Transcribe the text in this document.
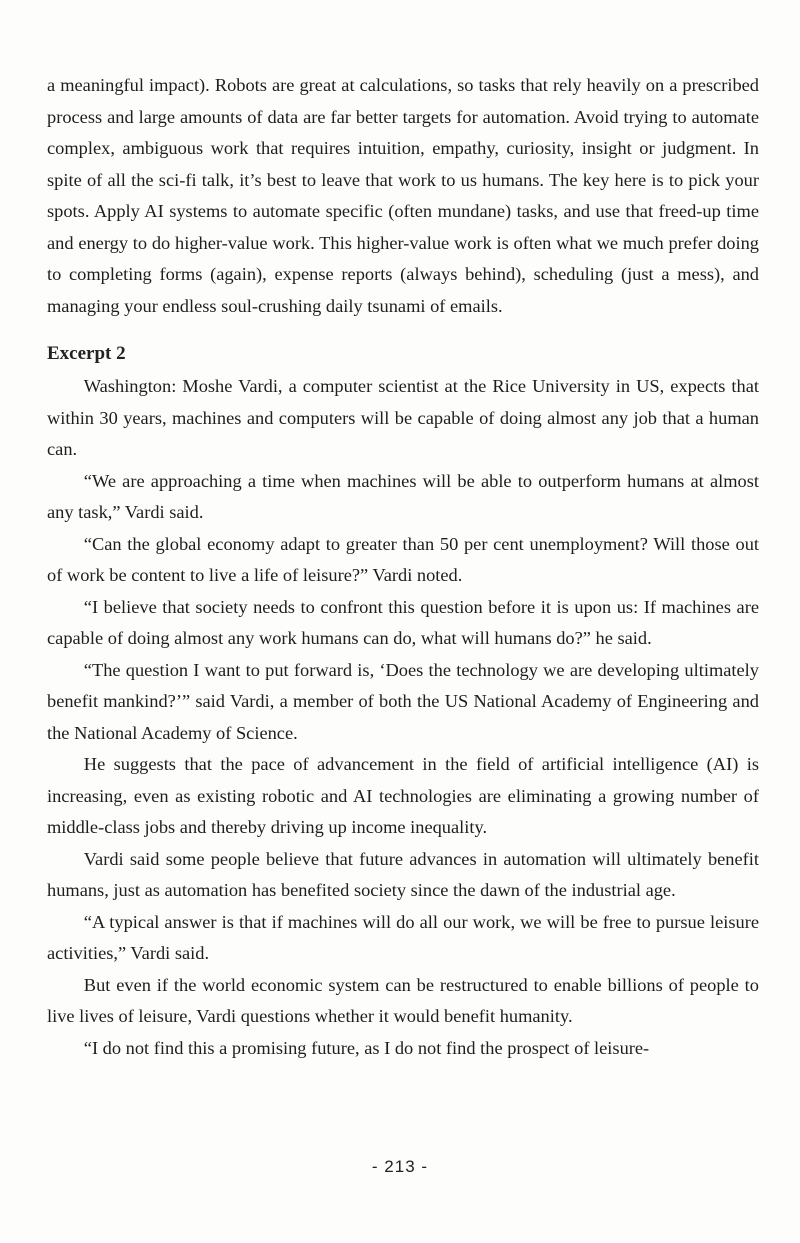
a meaningful impact). Robots are great at calculations, so tasks that rely heavily on a prescribed process and large amounts of data are far better targets for automation. Avoid trying to automate complex, ambiguous work that requires intuition, empathy, curiosity, insight or judgment. In spite of all the sci-fi talk, it’s best to leave that work to us humans. The key here is to pick your spots. Apply AI systems to automate specific (often mundane) tasks, and use that freed-up time and energy to do higher-value work. This higher-value work is often what we much prefer doing to completing forms (again), expense reports (always behind), scheduling (just a mess), and managing your endless soul-crushing daily tsunami of emails.

Excerpt 2

Washington: Moshe Vardi, a computer scientist at the Rice University in US, expects that within 30 years, machines and computers will be capable of doing almost any job that a human can.

“We are approaching a time when machines will be able to outperform humans at almost any task,” Vardi said.

“Can the global economy adapt to greater than 50 per cent unemployment? Will those out of work be content to live a life of leisure?” Vardi noted.

“I believe that society needs to confront this question before it is upon us: If machines are capable of doing almost any work humans can do, what will humans do?” he said.

“The question I want to put forward is, ‘Does the technology we are developing ultimately benefit mankind?’” said Vardi, a member of both the US National Academy of Engineering and the National Academy of Science.

He suggests that the pace of advancement in the field of artificial intelligence (AI) is increasing, even as existing robotic and AI technologies are eliminating a growing number of middle-class jobs and thereby driving up income inequality.

Vardi said some people believe that future advances in automation will ultimately benefit humans, just as automation has benefited society since the dawn of the industrial age.

“A typical answer is that if machines will do all our work, we will be free to pursue leisure activities,” Vardi said.

But even if the world economic system can be restructured to enable billions of people to live lives of leisure, Vardi questions whether it would benefit humanity.

“I do not find this a promising future, as I do not find the prospect of leisure-

- 213 -
